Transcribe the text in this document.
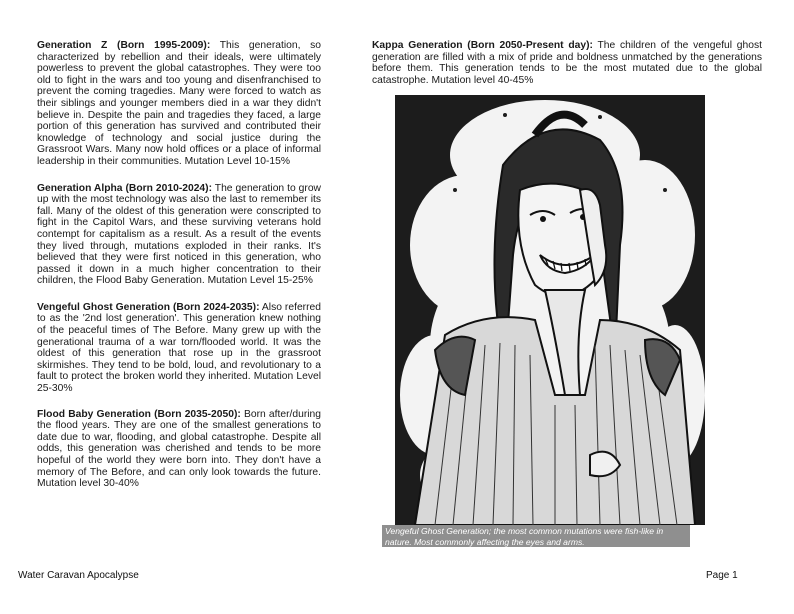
Generation Z (Born 1995-2009): This generation, so characterized by rebellion and their ideals, were ultimately powerless to prevent the global catastrophes. They were too old to fight in the wars and too young and disenfranchised to prevent the coming tragedies. Many were forced to watch as their siblings and younger members died in a war they didn't believe in. Despite the pain and tragedies they faced, a large portion of this generation has survived and contributed their knowledge of technology and social justice during the Grassroot Wars. Many now hold offices or a place of informal leadership in their communities. Mutation Level 10-15%

Generation Alpha (Born 2010-2024): The generation to grow up with the most technology was also the last to remember its fall. Many of the oldest of this generation were conscripted to fight in the Capitol Wars, and these surviving veterans hold contempt for capitalism as a result. As a result of the events they lived through, mutations exploded in their ranks. It's believed that they were first noticed in this generation, who passed it down in a much higher concentration to their children, the Flood Baby Generation. Mutation Level 15-25%

Vengeful Ghost Generation (Born 2024-2035): Also referred to as the '2nd lost generation'. This generation knew nothing of the peaceful times of The Before. Many grew up with the generational trauma of a war torn/flooded world. It was the oldest of this generation that rose up in the grassroot skirmishes. They tend to be bold, loud, and revolutionary to a fault to protect the broken world they inherited. Mutation Level 25-30%

Flood Baby Generation (Born 2035-2050): Born after/during the flood years. They are one of the smallest generations to date due to war, flooding, and global catastrophe. Despite all odds, this generation was cherished and tends to be more hopeful of the world they were born into. They don't have a memory of The Before, and can only look towards the future. Mutation level 30-40%

Kappa Generation (Born 2050-Present day): The children of the vengeful ghost generation are filled with a mix of pride and boldness unmatched by the generations before them. This generation tends to be the most mutated due to the global catastrophe. Mutation level 40-45%

Vengeful Ghost Generation; the most common mutations were fish-like in nature. Most commonly affecting the eyes and arms.
Water Caravan Apocalypse	Page 1
